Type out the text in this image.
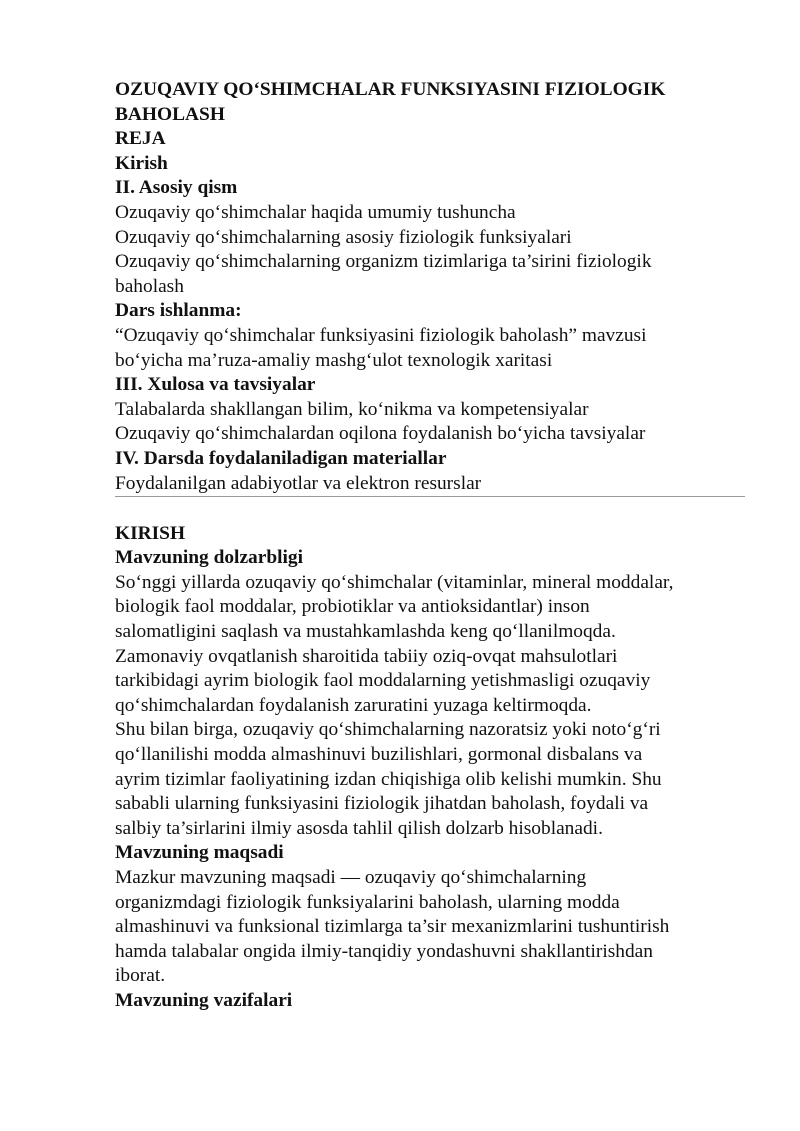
OZUQAVIY QO‘SHIMCHALAR FUNKSIYASINI FIZIOLOGIK
BAHOLASH
REJA
Kirish
II. Asosiy qism
Ozuqaviy qo‘shimchalar haqida umumiy tushuncha
Ozuqaviy qo‘shimchalarning asosiy fiziologik funksiyalari
Ozuqaviy qo‘shimchalarning organizm tizimlariga ta’sirini fiziologik
baholash
Dars ishlanma:
“Ozuqaviy qo‘shimchalar funksiyasini fiziologik baholash” mavzusi
bo‘yicha ma’ruza-amaliy mashg‘ulot texnologik xaritasi
III. Xulosa va tavsiyalar
Talabalarda shakllangan bilim, ko‘nikma va kompetensiyalar
Ozuqaviy qo‘shimchalardan oqilona foydalanish bo‘yicha tavsiyalar
IV. Darsda foydalaniladigan materiallar
Foydalanilgan adabiyotlar va elektron resurslar
KIRISH
Mavzuning dolzarbligi
So‘nggi yillarda ozuqaviy qo‘shimchalar (vitaminlar, mineral moddalar,
biologik faol moddalar, probiotiklar va antioksidantlar) inson
salomatligini saqlash va mustahkamlashda keng qo‘llanilmoqda.
Zamonaviy ovqatlanish sharoitida tabiiy oziq-ovqat mahsulotlari
tarkibidagi ayrim biologik faol moddalarning yetishmasligi ozuqaviy
qo‘shimchalardan foydalanish zaruratini yuzaga keltirmoqda.
Shu bilan birga, ozuqaviy qo‘shimchalarning nazoratsiz yoki noto‘g‘ri
qo‘llanilishi modda almashinuvi buzilishlari, gormonal disbalans va
ayrim tizimlar faoliyatining izdan chiqishiga olib kelishi mumkin. Shu
sababli ularning funksiyasini fiziologik jihatdan baholash, foydali va
salbiy ta’sirlarini ilmiy asosda tahlil qilish dolzarb hisoblanadi.
Mavzuning maqsadi
Mazkur mavzuning maqsadi — ozuqaviy qo‘shimchalarning
organizmdagi fiziologik funksiyalarini baholash, ularning modda
almashinuvi va funksional tizimlarga ta’sir mexanizmlarini tushuntirish
hamda talabalar ongida ilmiy-tanqidiy yondashuvni shakllantirishdan
iborat.
Mavzuning vazifalari
